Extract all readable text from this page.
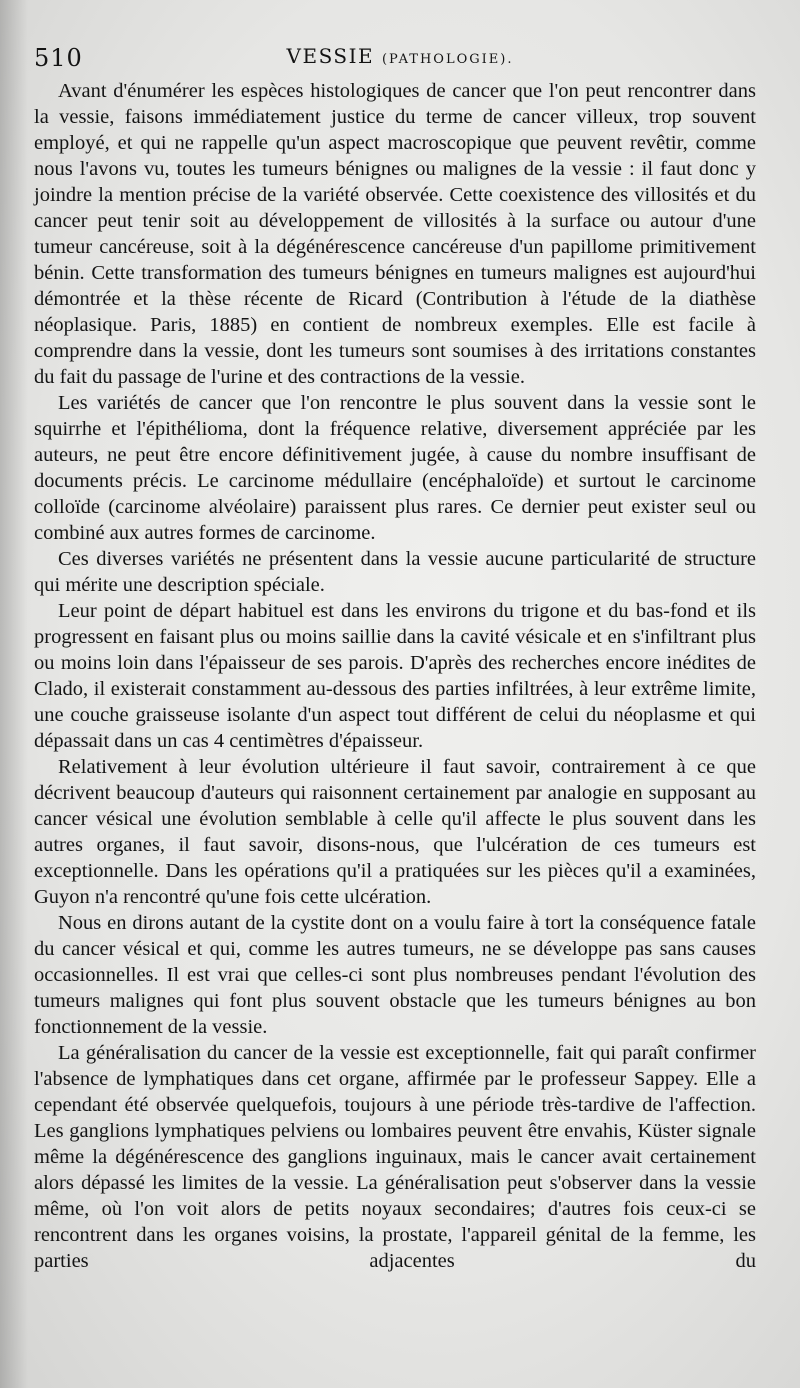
510	VESSIE (PATHOLOGIE).

Avant d'énumérer les espèces histologiques de cancer que l'on peut rencontrer dans la vessie, faisons immédiatement justice du terme de cancer villeux, trop souvent employé, et qui ne rappelle qu'un aspect macroscopique que peuvent revêtir, comme nous l'avons vu, toutes les tumeurs bénignes ou malignes de la vessie : il faut donc y joindre la mention précise de la variété observée. Cette coexistence des villosités et du cancer peut tenir soit au développement de villosités à la surface ou autour d'une tumeur cancéreuse, soit à la dégénérescence cancéreuse d'un papillome primitivement bénin. Cette transformation des tumeurs bénignes en tumeurs malignes est aujourd'hui démontrée et la thèse récente de Ricard (Contribution à l'étude de la diathèse néoplasique. Paris, 1885) en contient de nombreux exemples. Elle est facile à comprendre dans la vessie, dont les tumeurs sont soumises à des irritations constantes du fait du passage de l'urine et des contractions de la vessie.

Les variétés de cancer que l'on rencontre le plus souvent dans la vessie sont le squirrhe et l'épithélioma, dont la fréquence relative, diversement appréciée par les auteurs, ne peut être encore définitivement jugée, à cause du nombre insuffisant de documents précis. Le carcinome médullaire (encéphaloïde) et surtout le carcinome colloïde (carcinome alvéolaire) paraissent plus rares. Ce dernier peut exister seul ou combiné aux autres formes de carcinome.

Ces diverses variétés ne présentent dans la vessie aucune particularité de structure qui mérite une description spéciale.

Leur point de départ habituel est dans les environs du trigone et du bas-fond et ils progressent en faisant plus ou moins saillie dans la cavité vésicale et en s'infiltrant plus ou moins loin dans l'épaisseur de ses parois. D'après des recherches encore inédites de Clado, il existerait constamment au-dessous des parties infiltrées, à leur extrême limite, une couche graisseuse isolante d'un aspect tout différent de celui du néoplasme et qui dépassait dans un cas 4 centimètres d'épaisseur.

Relativement à leur évolution ultérieure il faut savoir, contrairement à ce que décrivent beaucoup d'auteurs qui raisonnent certainement par analogie en supposant au cancer vésical une évolution semblable à celle qu'il affecte le plus souvent dans les autres organes, il faut savoir, disons-nous, que l'ulcération de ces tumeurs est exceptionnelle. Dans les opérations qu'il a pratiquées sur les pièces qu'il a examinées, Guyon n'a rencontré qu'une fois cette ulcération.

Nous en dirons autant de la cystite dont on a voulu faire à tort la conséquence fatale du cancer vésical et qui, comme les autres tumeurs, ne se développe pas sans causes occasionnelles. Il est vrai que celles-ci sont plus nombreuses pendant l'évolution des tumeurs malignes qui font plus souvent obstacle que les tumeurs bénignes au bon fonctionnement de la vessie.

La généralisation du cancer de la vessie est exceptionnelle, fait qui paraît confirmer l'absence de lymphatiques dans cet organe, affirmée par le professeur Sappey. Elle a cependant été observée quelquefois, toujours à une période très-tardive de l'affection. Les ganglions lymphatiques pelviens ou lombaires peuvent être envahis, Küster signale même la dégénérescence des ganglions inguinaux, mais le cancer avait certainement alors dépassé les limites de la vessie. La généralisation peut s'observer dans la vessie même, où l'on voit alors de petits noyaux secondaires; d'autres fois ceux-ci se rencontrent dans les organes voisins, la prostate, l'appareil génital de la femme, les parties adjacentes du
